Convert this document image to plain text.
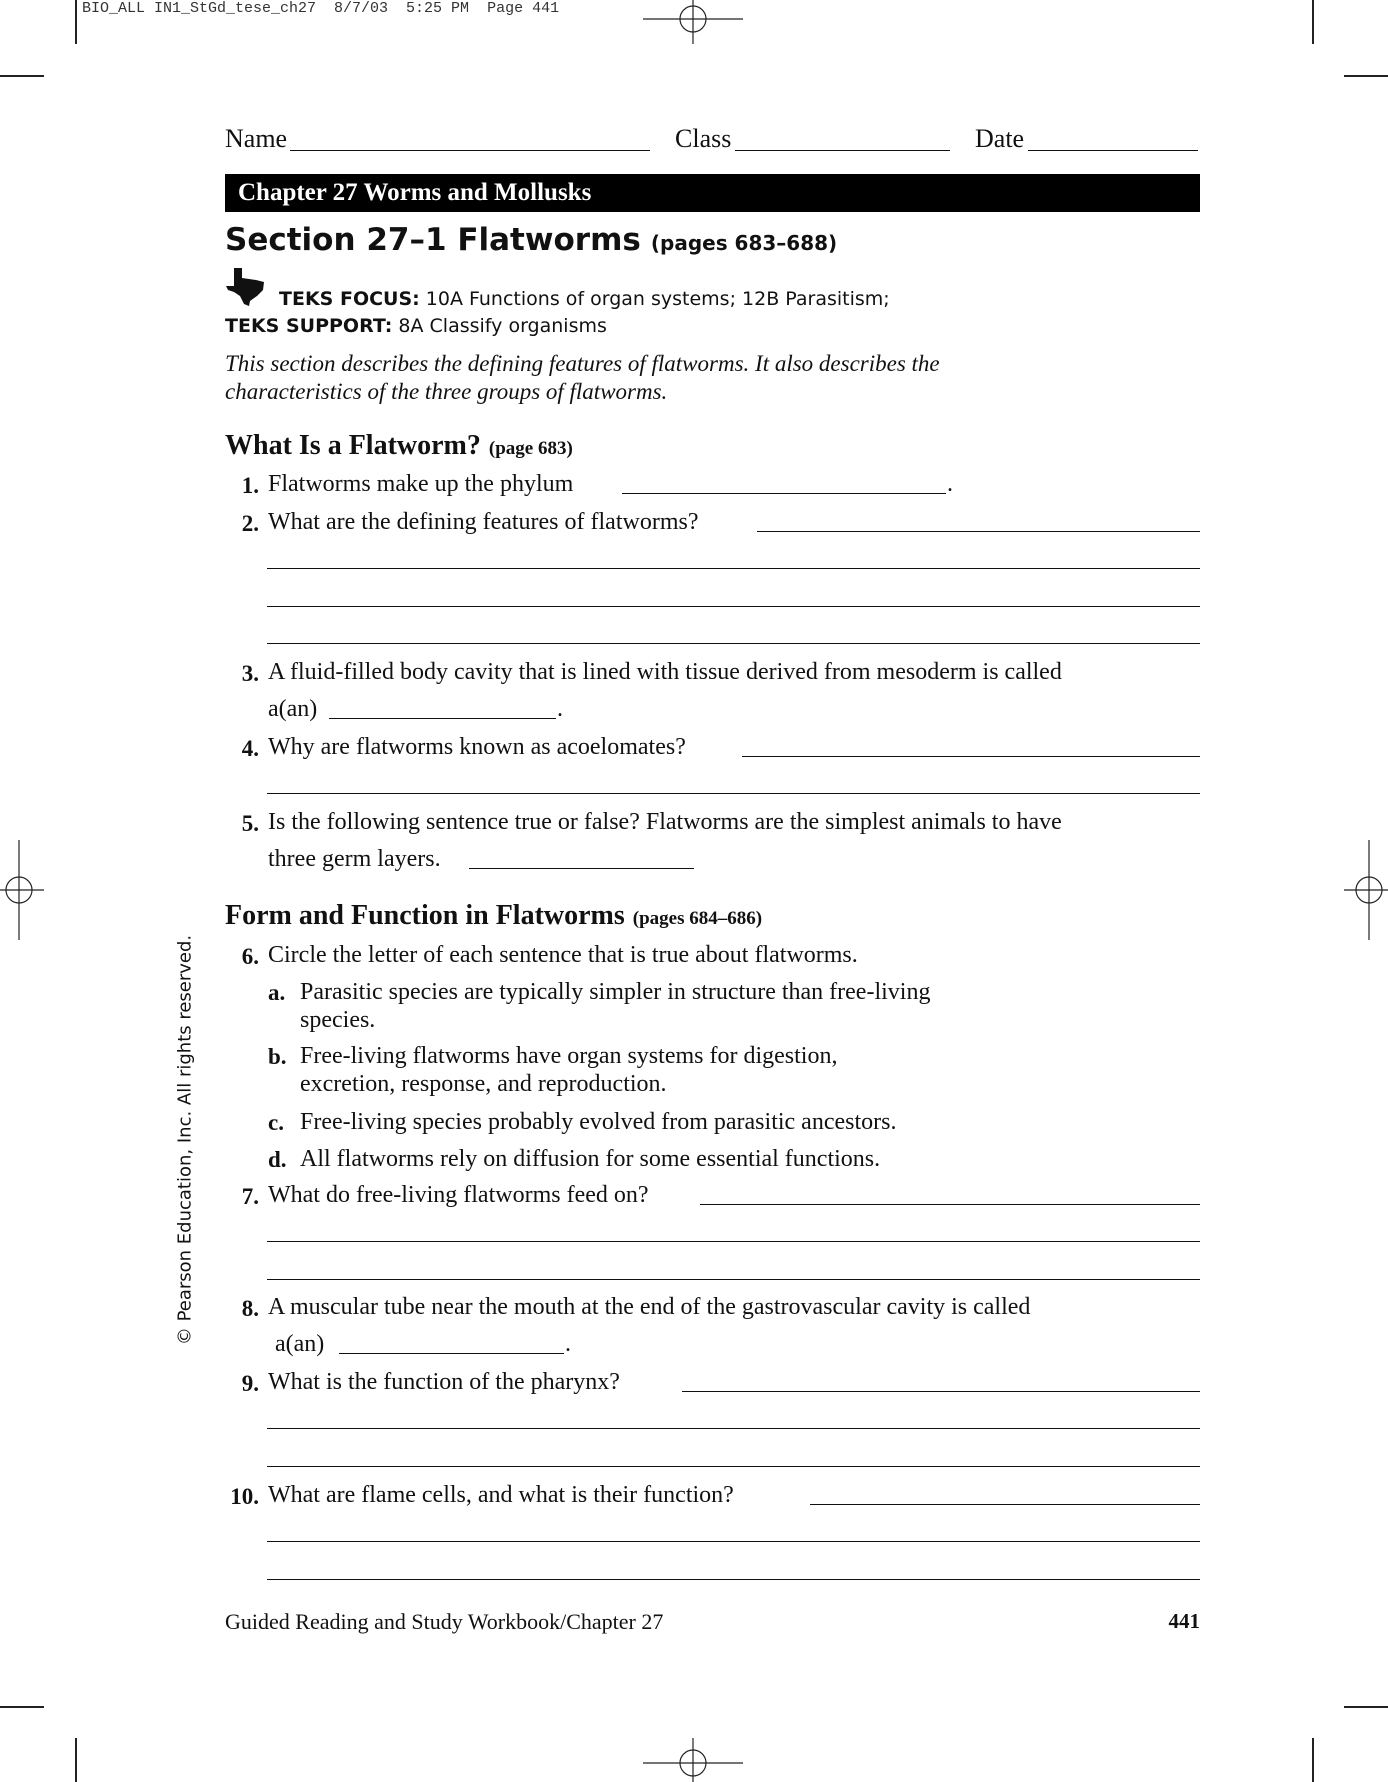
BIO_ALL IN1_StGd_tese_ch27  8/7/03  5:25 PM  Page 441
Name	Class	Date
Chapter 27 Worms and Mollusks
Section 27–1 Flatworms (pages 683–688)
TEKS FOCUS: 10A Functions of organ systems; 12B Parasitism;
TEKS SUPPORT: 8A Classify organisms
This section describes the defining features of flatworms. It also describes the characteristics of the three groups of flatworms.
What Is a Flatworm? (page 683)
1. Flatworms make up the phylum	.
2. What are the defining features of flatworms?
3. A fluid-filled body cavity that is lined with tissue derived from mesoderm is called
a(an)	.
4. Why are flatworms known as acoelomates?
5. Is the following sentence true or false? Flatworms are the simplest animals to have
three germ layers.
Form and Function in Flatworms (pages 684–686)
6. Circle the letter of each sentence that is true about flatworms.
a. Parasitic species are typically simpler in structure than free-living species.
b. Free-living flatworms have organ systems for digestion, excretion, response, and reproduction.
c. Free-living species probably evolved from parasitic ancestors.
d. All flatworms rely on diffusion for some essential functions.
7. What do free-living flatworms feed on?
8. A muscular tube near the mouth at the end of the gastrovascular cavity is called
a(an)	.
9. What is the function of the pharynx?
10. What are flame cells, and what is their function?
Guided Reading and Study Workbook/Chapter 27	441
© Pearson Education, Inc. All rights reserved.
